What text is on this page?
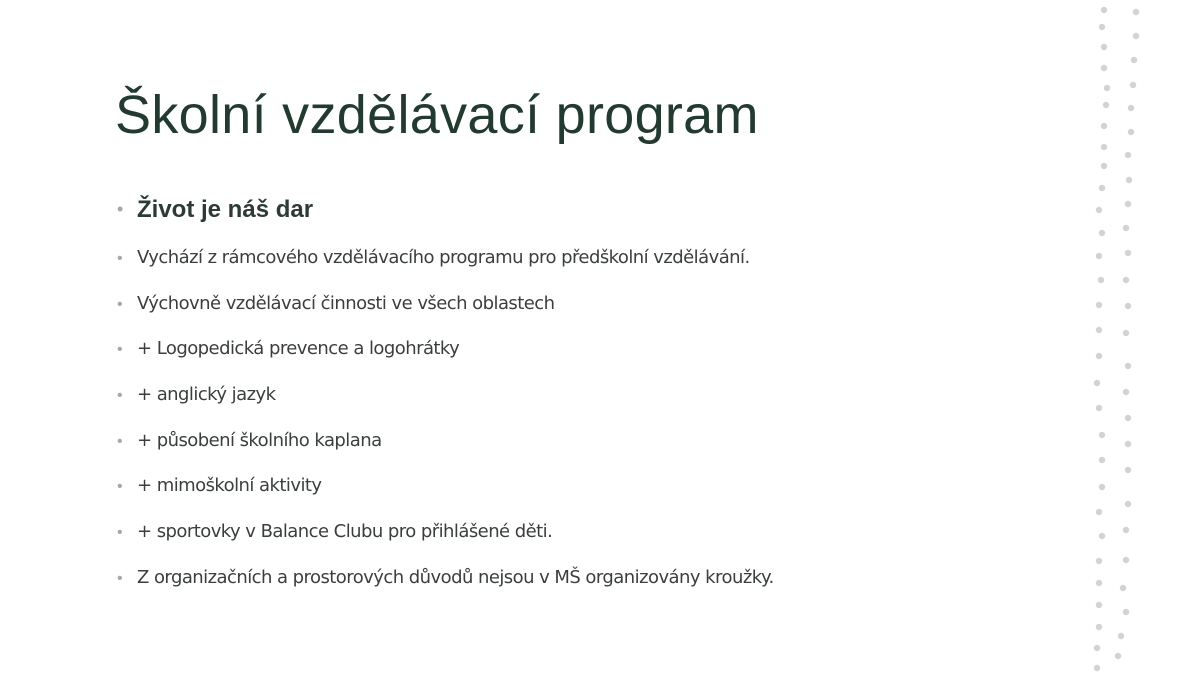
Školní vzdělávací program
• Život je náš dar
• Vychází z rámcového vzdělávacího programu pro předškolní vzdělávání.
• Výchovně vzdělávací činnosti ve všech oblastech
• + Logopedická prevence a logohrátky
• + anglický jazyk
• + působení školního kaplana
• + mimoškolní aktivity
• + sportovky v Balance Clubu pro přihlášené děti.
• Z organizačních a prostorových důvodů nejsou v MŠ organizovány kroužky.
